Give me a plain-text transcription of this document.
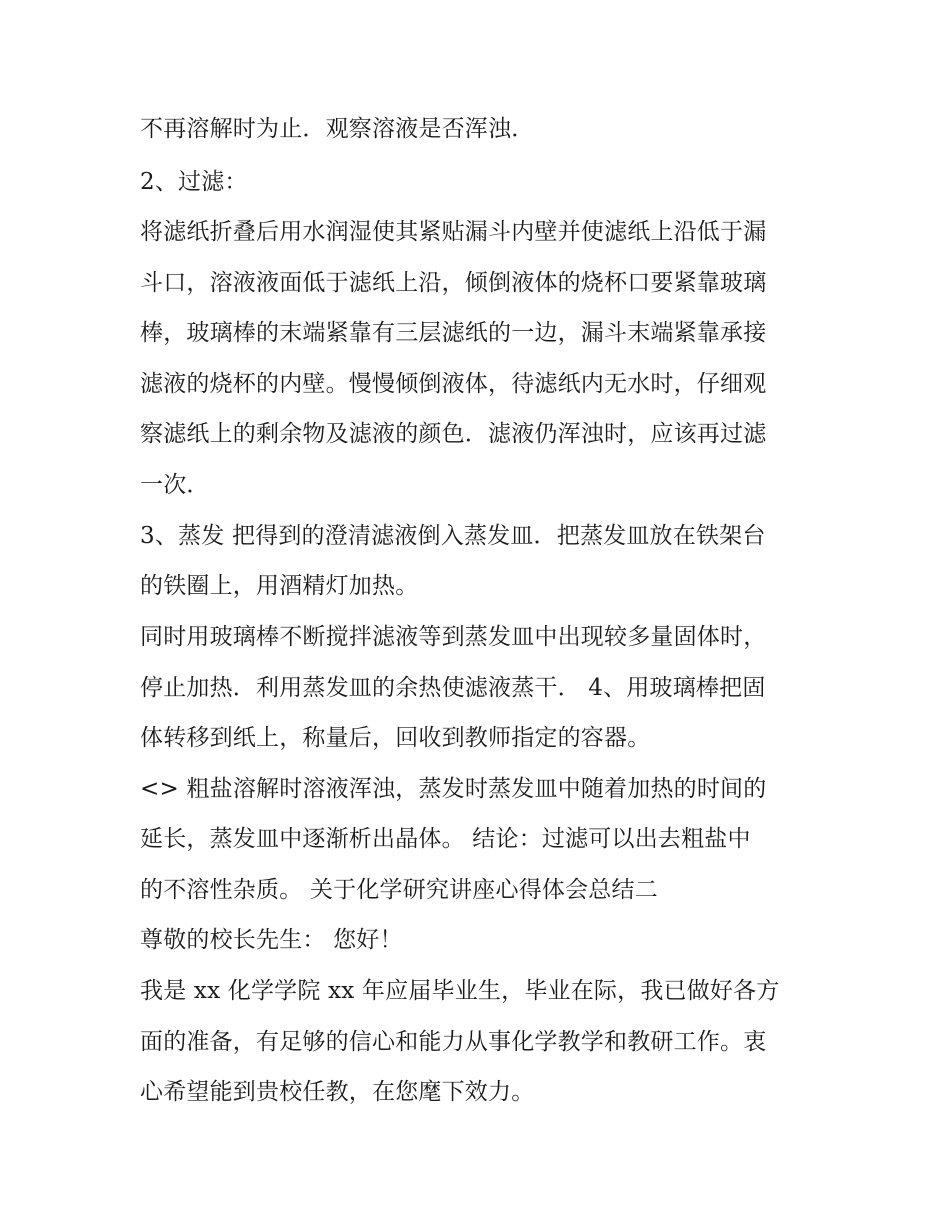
不再溶解时为止．观察溶液是否浑浊．
2、过滤：
将滤纸折叠后用水润湿使其紧贴漏斗内壁并使滤纸上沿低于漏
斗口，溶液液面低于滤纸上沿，倾倒液体的烧杯口要紧靠玻璃
棒，玻璃棒的末端紧靠有三层滤纸的一边，漏斗末端紧靠承接
滤液的烧杯的内壁。慢慢倾倒液体，待滤纸内无水时，仔细观
察滤纸上的剩余物及滤液的颜色．滤液仍浑浊时，应该再过滤
一次．
3、蒸发 把得到的澄清滤液倒入蒸发皿．把蒸发皿放在铁架台
的铁圈上，用酒精灯加热。
同时用玻璃棒不断搅拌滤液等到蒸发皿中出现较多量固体时，
停止加热．利用蒸发皿的余热使滤液蒸干． 4、用玻璃棒把固
体转移到纸上，称量后，回收到教师指定的容器。
<> 粗盐溶解时溶液浑浊，蒸发时蒸发皿中随着加热的时间的
延长，蒸发皿中逐渐析出晶体。 结论：过滤可以出去粗盐中
的不溶性杂质。 关于化学研究讲座心得体会总结二
尊敬的校长先生： 您好！
我是 xx 化学学院 xx 年应届毕业生，毕业在际，我已做好各方
面的准备，有足够的信心和能力从事化学教学和教研工作。衷
心希望能到贵校任教，在您麾下效力。
